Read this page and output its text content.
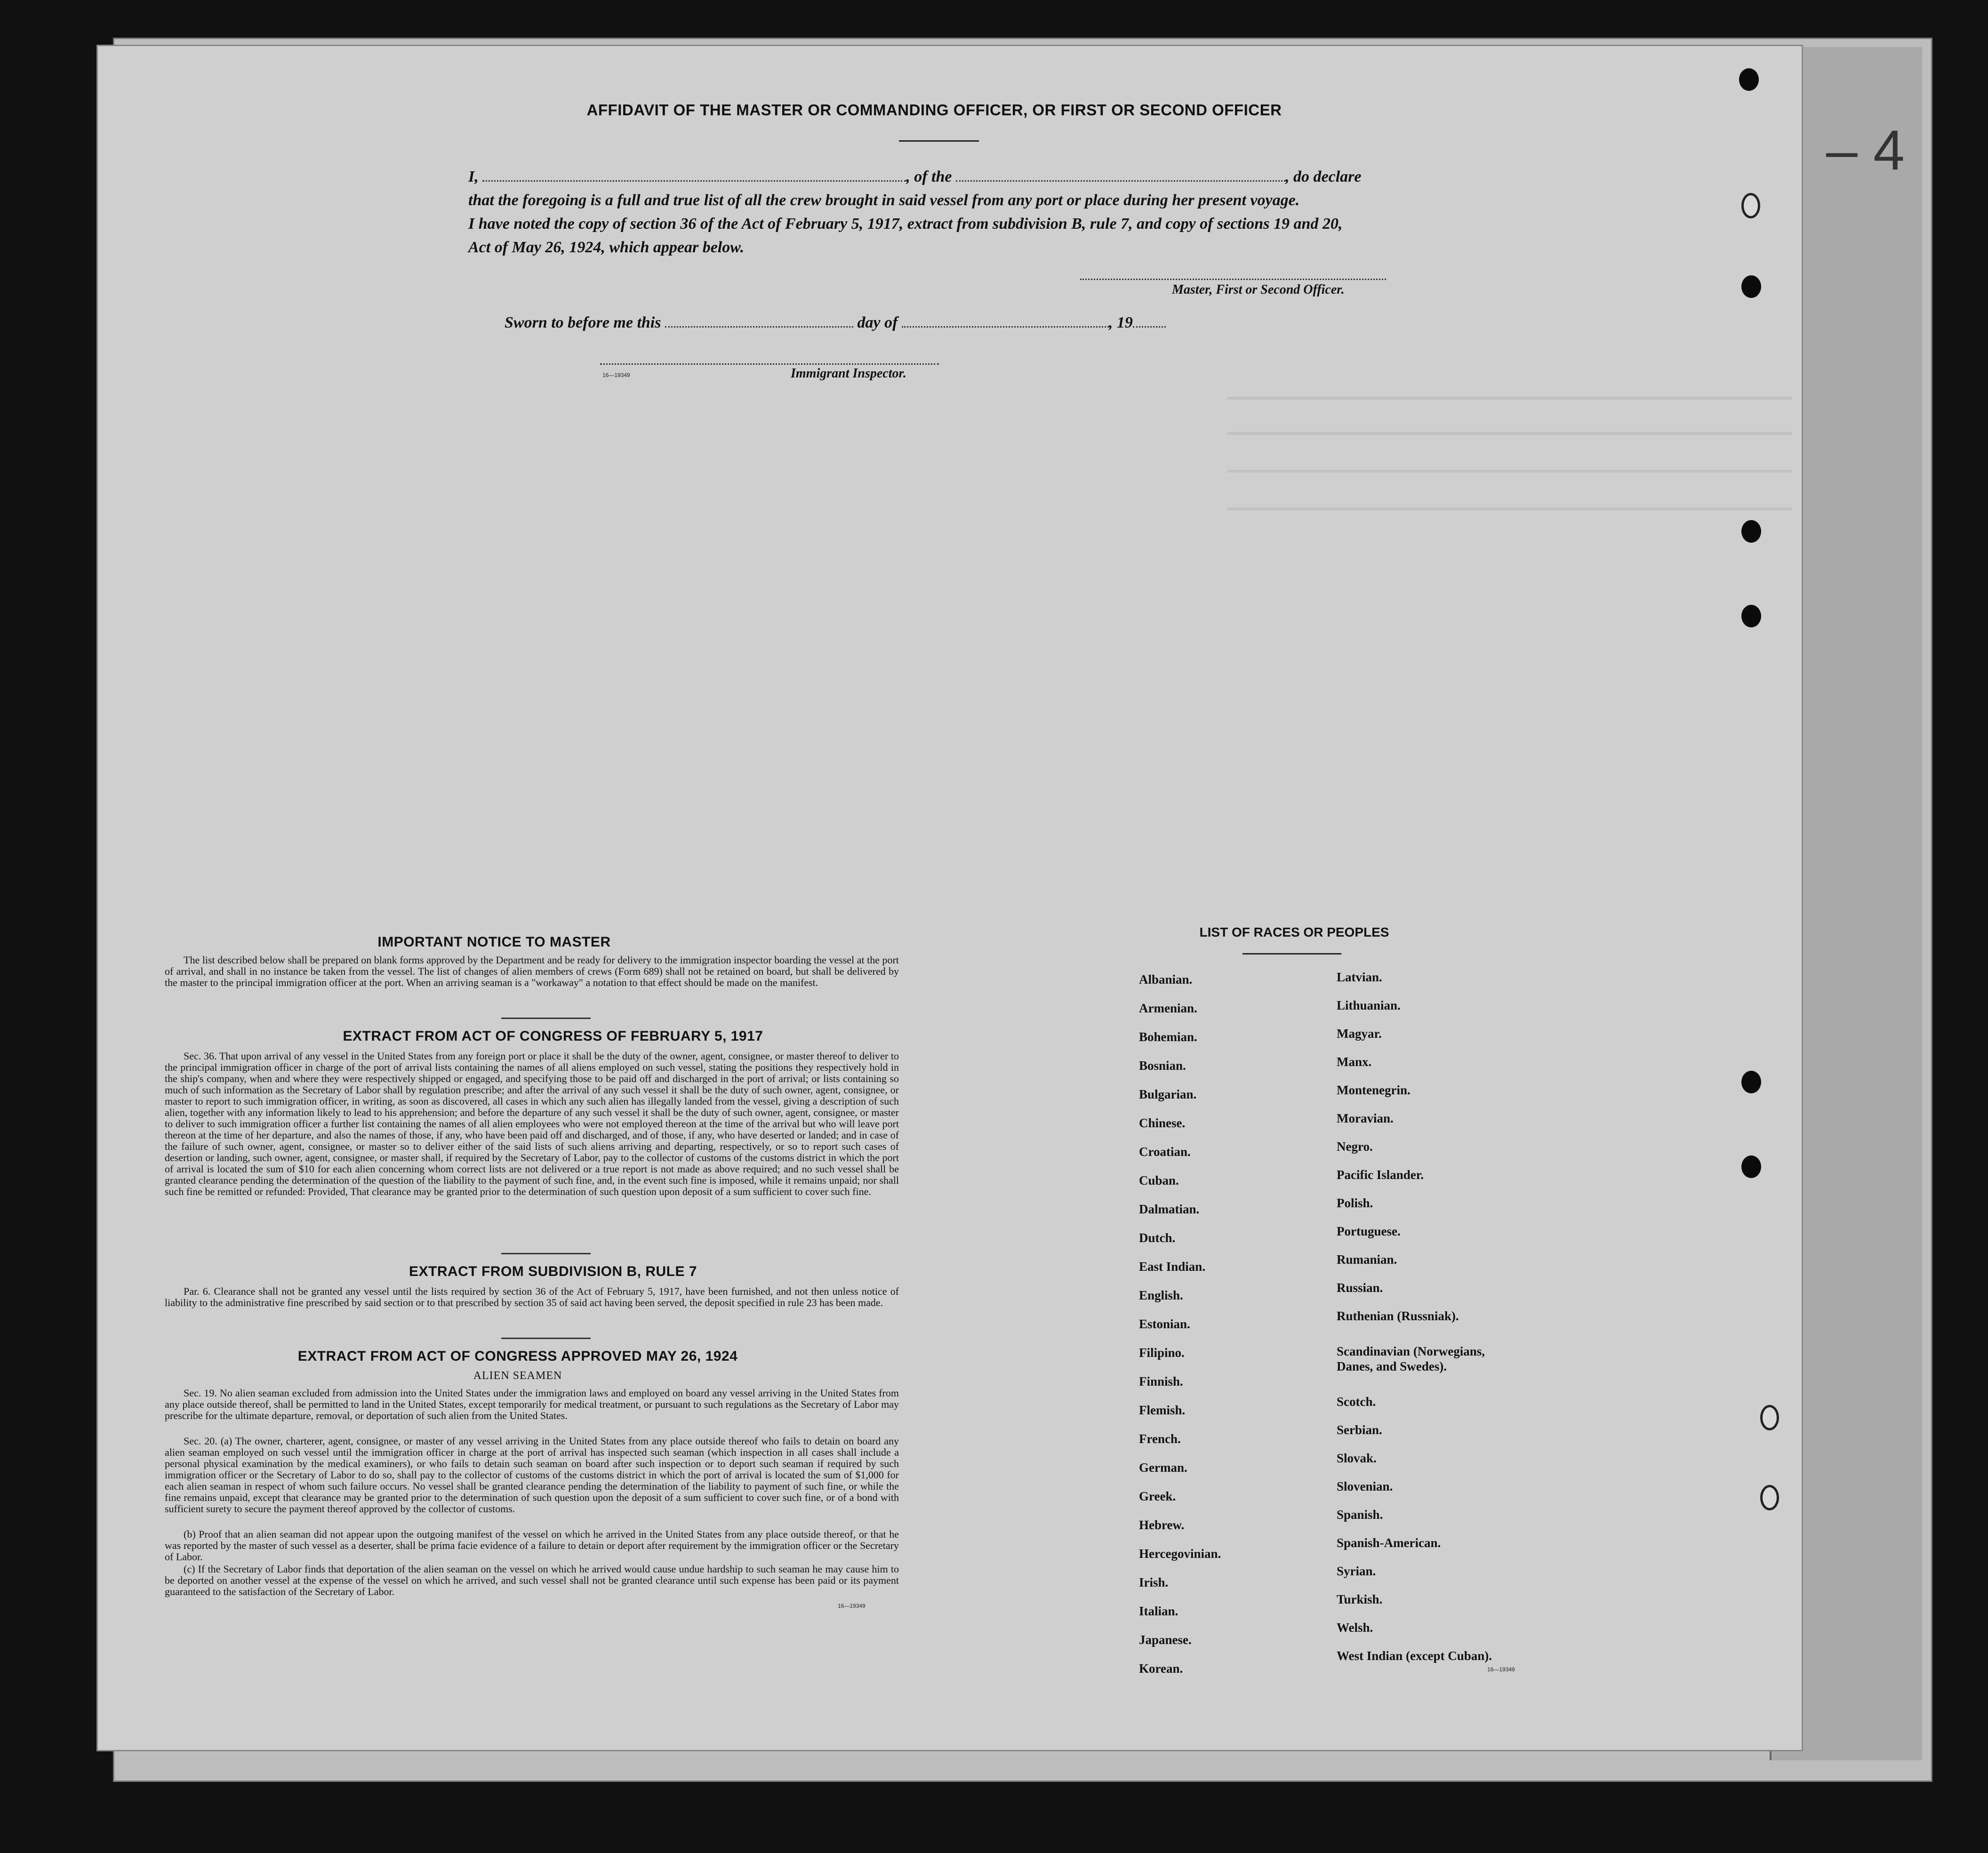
– 4
AFFIDAVIT OF THE MASTER OR COMMANDING OFFICER, OR FIRST OR SECOND OFFICER
I,	, of the	, do declare
that the foregoing is a full and true list of all the crew brought in said vessel from any port or place during her present voyage.
I have noted the copy of section 36 of the Act of February 5, 1917, extract from subdivision B, rule 7, and copy of sections 19 and 20,
Act of May 26, 1924, which appear below.
Master, First or Second Officer.
Sworn to before me this	day of	, 19
16—19349	Immigrant Inspector.
IMPORTANT NOTICE TO MASTER
The list described below shall be prepared on blank forms approved by the Department and be ready for delivery to the immigration inspector boarding the vessel at the port of arrival, and shall in no instance be taken from the vessel. The list of changes of alien members of crews (Form 689) shall not be retained on board, but shall be delivered by the master to the principal immigration officer at the port. When an arriving seaman is a "workaway" a notation to that effect should be made on the manifest.
EXTRACT FROM ACT OF CONGRESS OF FEBRUARY 5, 1917
Sec. 36. That upon arrival of any vessel in the United States from any foreign port or place it shall be the duty of the owner, agent, consignee, or master thereof to deliver to the principal immigration officer in charge of the port of arrival lists containing the names of all aliens employed on such vessel, stating the positions they respectively hold in the ship's company, when and where they were respectively shipped or engaged, and specifying those to be paid off and discharged in the port of arrival; or lists containing so much of such information as the Secretary of Labor shall by regulation prescribe; and after the arrival of any such vessel it shall be the duty of such owner, agent, consignee, or master to report to such immigration officer, in writing, as soon as discovered, all cases in which any such alien has illegally landed from the vessel, giving a description of such alien, together with any information likely to lead to his apprehension; and before the departure of any such vessel it shall be the duty of such owner, agent, consignee, or master to deliver to such immigration officer a further list containing the names of all alien employees who were not employed thereon at the time of the arrival but who will leave port thereon at the time of her departure, and also the names of those, if any, who have been paid off and discharged, and of those, if any, who have deserted or landed; and in case of the failure of such owner, agent, consignee, or master so to deliver either of the said lists of such aliens arriving and departing, respectively, or so to report such cases of desertion or landing, such owner, agent, consignee, or master shall, if required by the Secretary of Labor, pay to the collector of customs of the customs district in which the port of arrival is located the sum of $10 for each alien concerning whom correct lists are not delivered or a true report is not made as above required; and no such vessel shall be granted clearance pending the determination of the question of the liability to the payment of such fine, and, in the event such fine is imposed, while it remains unpaid; nor shall such fine be remitted or refunded: Provided, That clearance may be granted prior to the determination of such question upon deposit of a sum sufficient to cover such fine.
EXTRACT FROM SUBDIVISION B, RULE 7
Par. 6. Clearance shall not be granted any vessel until the lists required by section 36 of the Act of February 5, 1917, have been furnished, and not then unless notice of liability to the administrative fine prescribed by said section or to that prescribed by section 35 of said act having been served, the deposit specified in rule 23 has been made.
EXTRACT FROM ACT OF CONGRESS APPROVED MAY 26, 1924
ALIEN SEAMEN
Sec. 19. No alien seaman excluded from admission into the United States under the immigration laws and employed on board any vessel arriving in the United States from any place outside thereof, shall be permitted to land in the United States, except temporarily for medical treatment, or pursuant to such regulations as the Secretary of Labor may prescribe for the ultimate departure, removal, or deportation of such alien from the United States.
Sec. 20. (a) The owner, charterer, agent, consignee, or master of any vessel arriving in the United States from any place outside thereof who fails to detain on board any alien seaman employed on such vessel until the immigration officer in charge at the port of arrival has inspected such seaman (which inspection in all cases shall include a personal physical examination by the medical examiners), or who fails to detain such seaman on board after such inspection or to deport such seaman if required by such immigration officer or the Secretary of Labor to do so, shall pay to the collector of customs of the customs district in which the port of arrival is located the sum of $1,000 for each alien seaman in respect of whom such failure occurs. No vessel shall be granted clearance pending the determination of the liability to payment of such fine, or while the fine remains unpaid, except that clearance may be granted prior to the determination of such question upon the deposit of a sum sufficient to cover such fine, or of a bond with sufficient surety to secure the payment thereof approved by the collector of customs.
(b) Proof that an alien seaman did not appear upon the outgoing manifest of the vessel on which he arrived in the United States from any place outside thereof, or that he was reported by the master of such vessel as a deserter, shall be prima facie evidence of a failure to detain or deport after requirement by the immigration officer or the Secretary of Labor.
(c) If the Secretary of Labor finds that deportation of the alien seaman on the vessel on which he arrived would cause undue hardship to such seaman he may cause him to be deported on another vessel at the expense of the vessel on which he arrived, and such vessel shall not be granted clearance until such expense has been paid or its payment guaranteed to the satisfaction of the Secretary of Labor.
16—19349
LIST OF RACES OR PEOPLES
Albanian.
Armenian.
Bohemian.
Bosnian.
Bulgarian.
Chinese.
Croatian.
Cuban.
Dalmatian.
Dutch.
East Indian.
English.
Estonian.
Filipino.
Finnish.
Flemish.
French.
German.
Greek.
Hebrew.
Hercegovinian.
Irish.
Italian.
Japanese.
Korean.
Latvian.
Lithuanian.
Magyar.
Manx.
Montenegrin.
Moravian.
Negro.
Pacific Islander.
Polish.
Portuguese.
Rumanian.
Russian.
Ruthenian (Russniak).
Scandinavian (Norwegians,
Danes, and Swedes).
Scotch.
Serbian.
Slovak.
Slovenian.
Spanish.
Spanish-American.
Syrian.
Turkish.
Welsh.
West Indian (except Cuban).
16—19349
